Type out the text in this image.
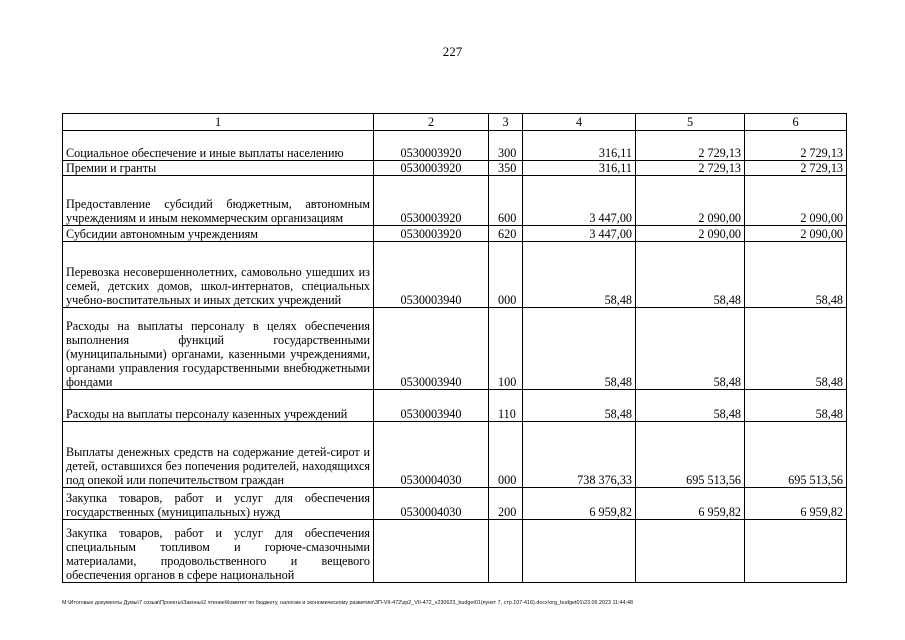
227
1	2	3	4	5	6
Социальное обеспечение и иные выплаты населению	0530003920	300	316,11	2 729,13	2 729,13
Премии и гранты	0530003920	350	316,11	2 729,13	2 729,13
Предоставление субсидий бюджетным, автономным учреждениям и иным некоммерческим организациям	0530003920	600	3 447,00	2 090,00	2 090,00
Субсидии автономным учреждениям	0530003920	620	3 447,00	2 090,00	2 090,00
Перевозка несовершеннолетних, самовольно ушедших из семей, детских домов, школ-интернатов, специальных учебно-воспитательных и иных детских учреждений	0530003940	000	58,48	58,48	58,48
Расходы на выплаты персоналу в целях обеспечения выполнения функций государственными (муниципальными) органами, казенными учреждениями, органами управления государственными внебюджетными фондами	0530003940	100	58,48	58,48	58,48
Расходы на выплаты персоналу казенных учреждений	0530003940	110	58,48	58,48	58,48
Выплаты денежных средств на содержание детей-сирот и детей, оставшихся без попечения родителей, находящихся под опекой или попечительством граждан	0530004030	000	738 376,33	695 513,56	695 513,56
Закупка товаров, работ и услуг для обеспечения государственных (муниципальных) нужд	0530004030	200	6 959,82	6 959,82	6 959,82
Закупка товаров, работ и услуг для обеспечения специальным топливом и горюче-смазочными материалами, продовольственного и вещевого обеспечения органов в сфере национальной					
M:\Итоговые документы Думы\7 созыв\Проекты\Законы\2 чтение\Комитет по бюджету, налогам и экономическому развитию\ЗП-VII-472\zp2_VII-472_v230623_budget01(пункт 7, стр.107-416).docx\org_budget01\23.06.2023 11:44:48
